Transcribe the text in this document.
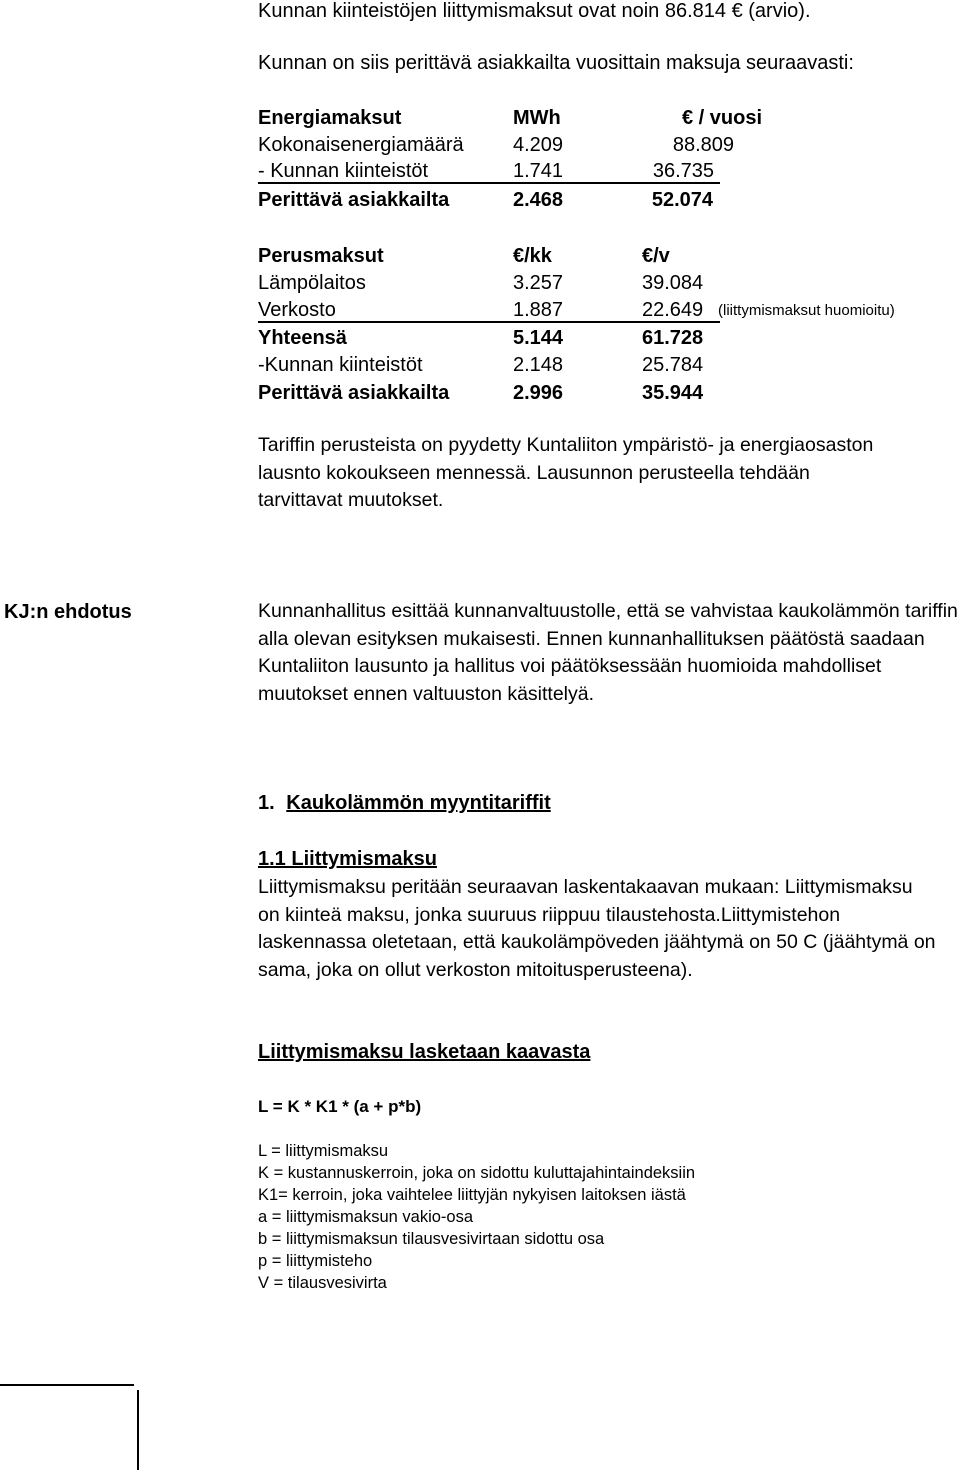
Kunnan kiinteistöjen liittymismaksut ovat noin 86.814 € (arvio).
Kunnan on siis perittävä asiakkailta vuosittain maksuja seuraavasti:
Energiamaksut	MWh	€ / vuosi
Kokonaisenergiamäärä 4.209	88.809
- Kunnan kiinteistöt	1.741	36.735
Perittävä asiakkailta	2.468	52.074
Perusmaksut	€/kk	€/v
Lämpölaitos	3.257	39.084
Verkosto	1.887	22.649 (liittymismaksut huomioitu)
Yhteensä	5.144	61.728
-Kunnan kiinteistöt	2.148	25.784
Perittävä asiakkailta	2.996	35.944
Tariffin perusteista on pyydetty Kuntaliiton ympäristö- ja energiaosaston lausnto kokoukseen mennessä. Lausunnon perusteella tehdään tarvittavat muutokset.
KJ:n ehdotus	Kunnanhallitus esittää kunnanvaltuustolle, että se vahvistaa kaukolämmön tariffin alla olevan esityksen mukaisesti. Ennen kunnanhallituksen päätöstä saadaan Kuntaliiton lausunto ja hallitus voi päätöksessään huomioida mahdolliset muutokset ennen valtuuston käsittelyä.
1. Kaukolämmön myyntitariffit
1.1 Liittymismaksu
Liittymismaksu peritään seuraavan laskentakaavan mukaan: Liittymismaksu on kiinteä maksu, jonka suuruus riippuu tilaustehosta.Liittymistehon laskennassa oletetaan, että kaukolämpöveden jäähtymä on 50 C (jäähtymä on sama, joka on ollut verkoston mitoitusperusteena).
Liittymismaksu lasketaan kaavasta
L = K * K1 * (a + p*b)
L = liittymismaksu
K = kustannuskerroin, joka on sidottu kuluttajahintaindeksiin
K1= kerroin, joka vaihtelee liittyjän nykyisen laitoksen iästä
a = liittymismaksun vakio-osa
b = liittymismaksun tilausvesivirtaan sidottu osa
p = liittymisteho
V = tilausvesivirta
